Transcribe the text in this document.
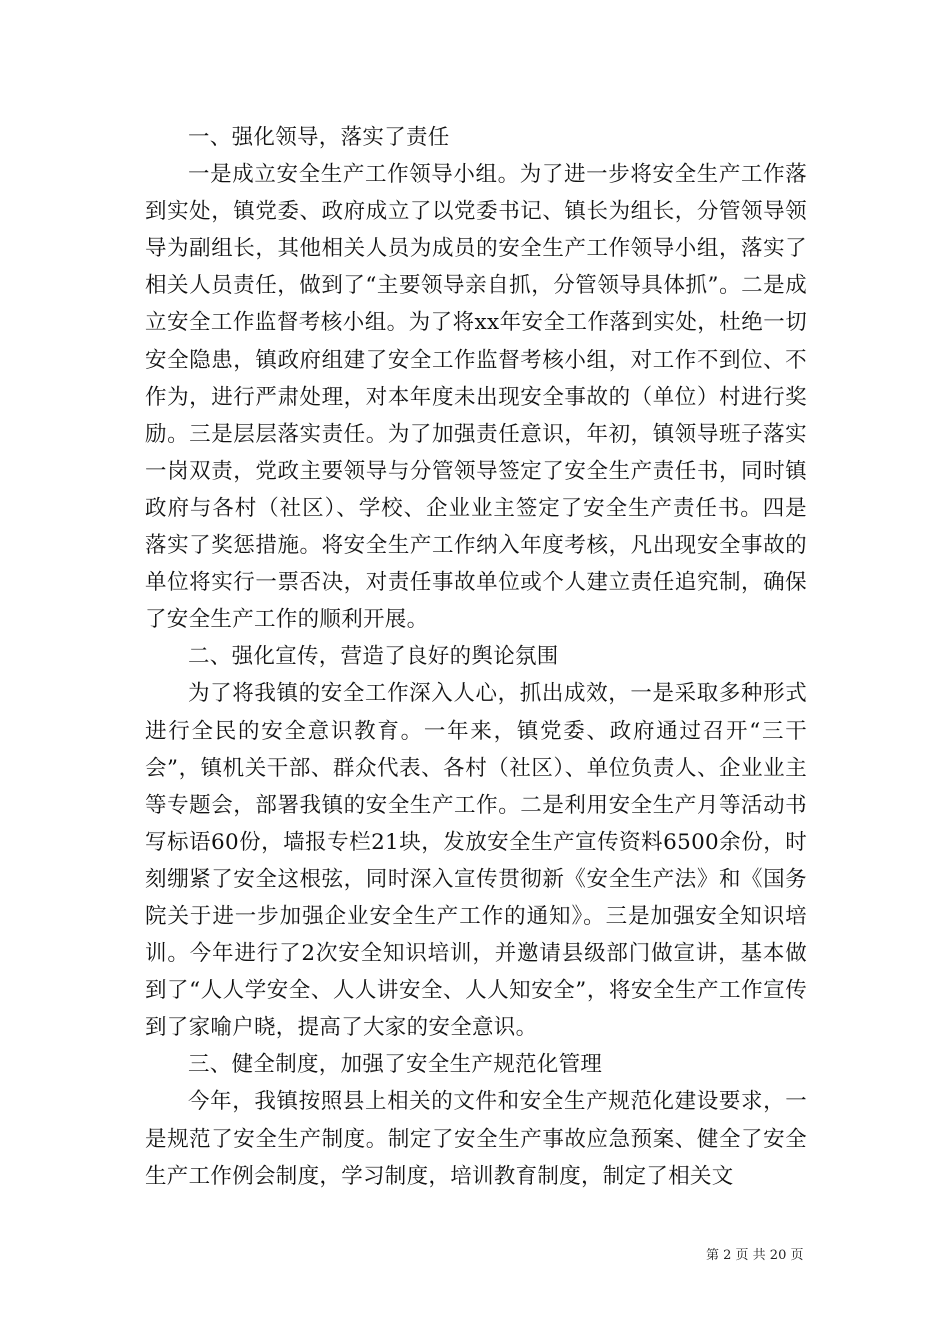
一、强化领导，落实了责任

一是成立安全生产工作领导小组。为了进一步将安全生产工作落到实处，镇党委、政府成立了以党委书记、镇长为组长，分管领导领导为副组长，其他相关人员为成员的安全生产工作领导小组，落实了相关人员责任，做到了“主要领导亲自抓，分管领导具体抓”。二是成立安全工作监督考核小组。为了将xx年安全工作落到实处，杜绝一切安全隐患，镇政府组建了安全工作监督考核小组，对工作不到位、不作为，进行严肃处理，对本年度未出现安全事故的（单位）村进行奖励。三是层层落实责任。为了加强责任意识，年初，镇领导班子落实一岗双责，党政主要领导与分管领导签定了安全生产责任书，同时镇政府与各村（社区）、学校、企业业主签定了安全生产责任书。四是落实了奖惩措施。将安全生产工作纳入年度考核，凡出现安全事故的单位将实行一票否决，对责任事故单位或个人建立责任追究制，确保了安全生产工作的顺利开展。

二、强化宣传，营造了良好的舆论氛围

为了将我镇的安全工作深入人心，抓出成效，一是采取多种形式进行全民的安全意识教育。一年来，镇党委、政府通过召开“三干会”，镇机关干部、群众代表、各村（社区）、单位负责人、企业业主等专题会，部署我镇的安全生产工作。二是利用安全生产月等活动书写标语60份，墙报专栏21块，发放安全生产宣传资料6500余份，时刻绷紧了安全这根弦，同时深入宣传贯彻新《安全生产法》和《国务院关于进一步加强企业安全生产工作的通知》。三是加强安全知识培训。今年进行了2次安全知识培训，并邀请县级部门做宣讲，基本做到了“人人学安全、人人讲安全、人人知安全”，将安全生产工作宣传到了家喻户晓，提高了大家的安全意识。

三、健全制度，加强了安全生产规范化管理

今年，我镇按照县上相关的文件和安全生产规范化建设要求，一是规范了安全生产制度。制定了安全生产事故应急预案、健全了安全生产工作例会制度，学习制度，培训教育制度，制定了相关文

第 2 页 共 20 页
